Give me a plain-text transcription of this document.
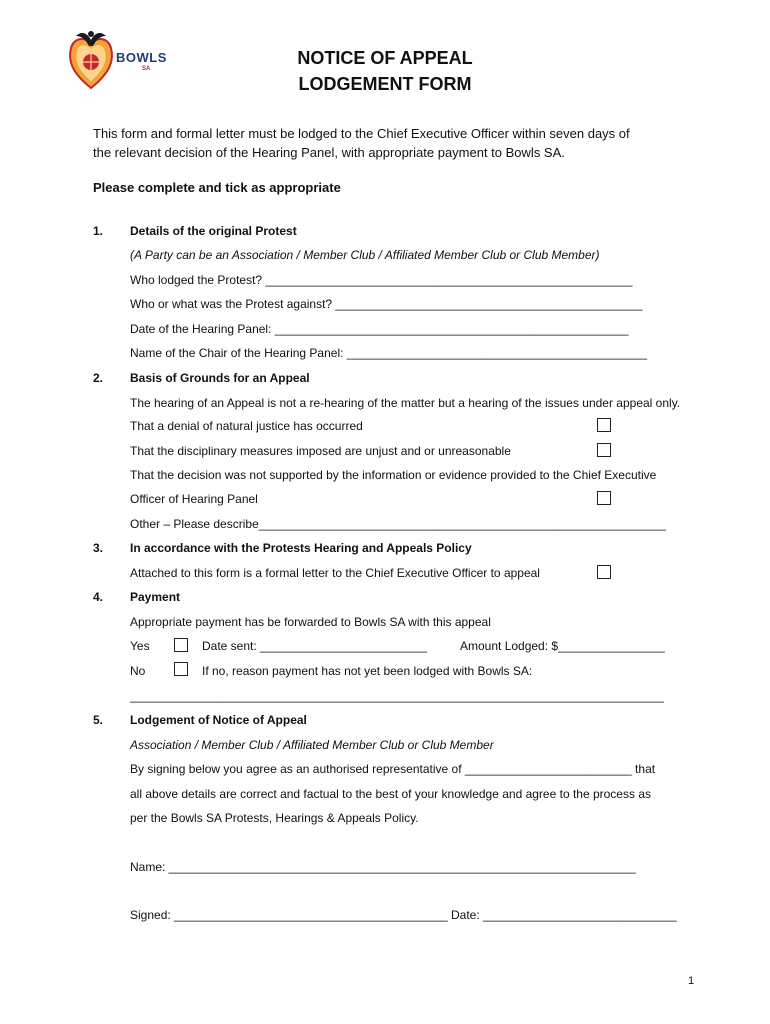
BOWLS
SA
NOTICE OF APPEAL
LODGEMENT FORM
This form and formal letter must be lodged to the Chief Executive Officer within seven days of
the relevant decision of the Hearing Panel, with appropriate payment to Bowls SA.
Please complete and tick as appropriate
1. Details of the original Protest
(A Party can be an Association / Member Club / Affiliated Member Club or Club Member)
Who lodged the Protest? _______________________________________________________
Who or what was the Protest against? ______________________________________________
Date of the Hearing Panel: _____________________________________________________
Name of the Chair of the Hearing Panel: _____________________________________________
2. Basis of Grounds for an Appeal
The hearing of an Appeal is not a re-hearing of the matter but a hearing of the issues under appeal only.
That a denial of natural justice has occurred
That the disciplinary measures imposed are unjust and or unreasonable
That the decision was not supported by the information or evidence provided to the Chief Executive
Officer of Hearing Panel
Other – Please describe_____________________________________________________________
3. In accordance with the Protests Hearing and Appeals Policy
Attached to this form is a formal letter to the Chief Executive Officer to appeal
4. Payment
Appropriate payment has be forwarded to Bowls SA with this appeal
Yes	Date sent: _________________________	Amount Lodged: $________________
No	If no, reason payment has not yet been lodged with Bowls SA:
________________________________________________________________________________
5. Lodgement of Notice of Appeal
Association / Member Club / Affiliated Member Club or Club Member
By signing below you agree as an authorised representative of _________________________ that
all above details are correct and factual to the best of your knowledge and agree to the process as
per the Bowls SA Protests, Hearings & Appeals Policy.
Name: ______________________________________________________________________
Signed: _________________________________________ Date: _____________________________
1
